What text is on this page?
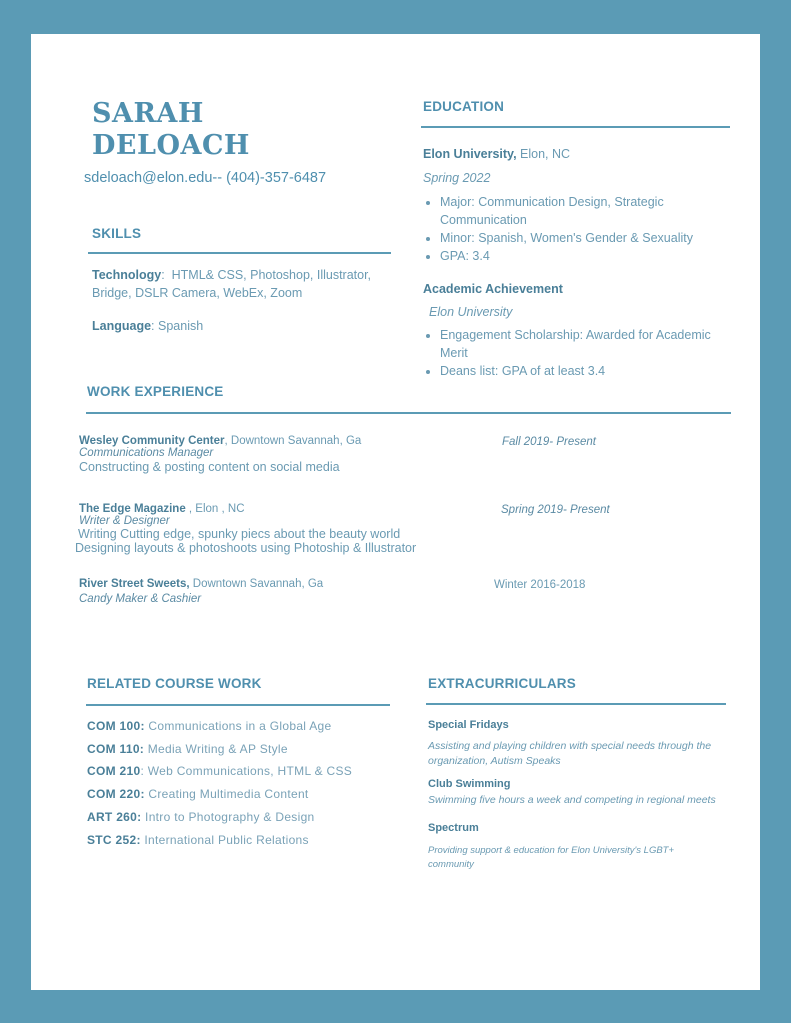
SARAH
DELOACH
sdeloach@elon.edu-- (404)-357-6487
SKILLS
Technology:  HTML& CSS, Photoshop, Illustrator, Bridge, DSLR Camera, WebEx, Zoom
Language: Spanish
EDUCATION
Elon University, Elon, NC
Spring 2022
• Major: Communication Design, Strategic Communication
• Minor: Spanish, Women's Gender & Sexuality
• GPA: 3.4
Academic Achievement
Elon University
• Engagement Scholarship: Awarded for Academic Merit
• Deans list: GPA of at least 3.4
WORK EXPERIENCE
Wesley Community Center, Downtown Savannah, Ga
Communications Manager
Constructing & posting content on social media
Fall 2019- Present
The Edge Magazine , Elon , NC
Writer & Designer
Writing Cutting edge, spunky piecs about the beauty world
Designing layouts & photoshoots using Photoship & Illustrator
Spring 2019- Present
River Street Sweets, Downtown Savannah, Ga
Candy Maker & Cashier
Winter 2016-2018
RELATED COURSE WORK
COM 100: Communications in a Global Age
COM 110: Media Writing & AP Style
COM 210: Web Communications, HTML & CSS
COM 220: Creating Multimedia Content
ART 260: Intro to Photography & Design
STC 252: International Public Relations
EXTRACURRICULARS
Special Fridays
Assisting and playing children with special needs through the organization, Autism Speaks
Club Swimming
Swimming five hours a week and competing in regional meets
Spectrum
Providing support & education for Elon University's LGBT+ community
